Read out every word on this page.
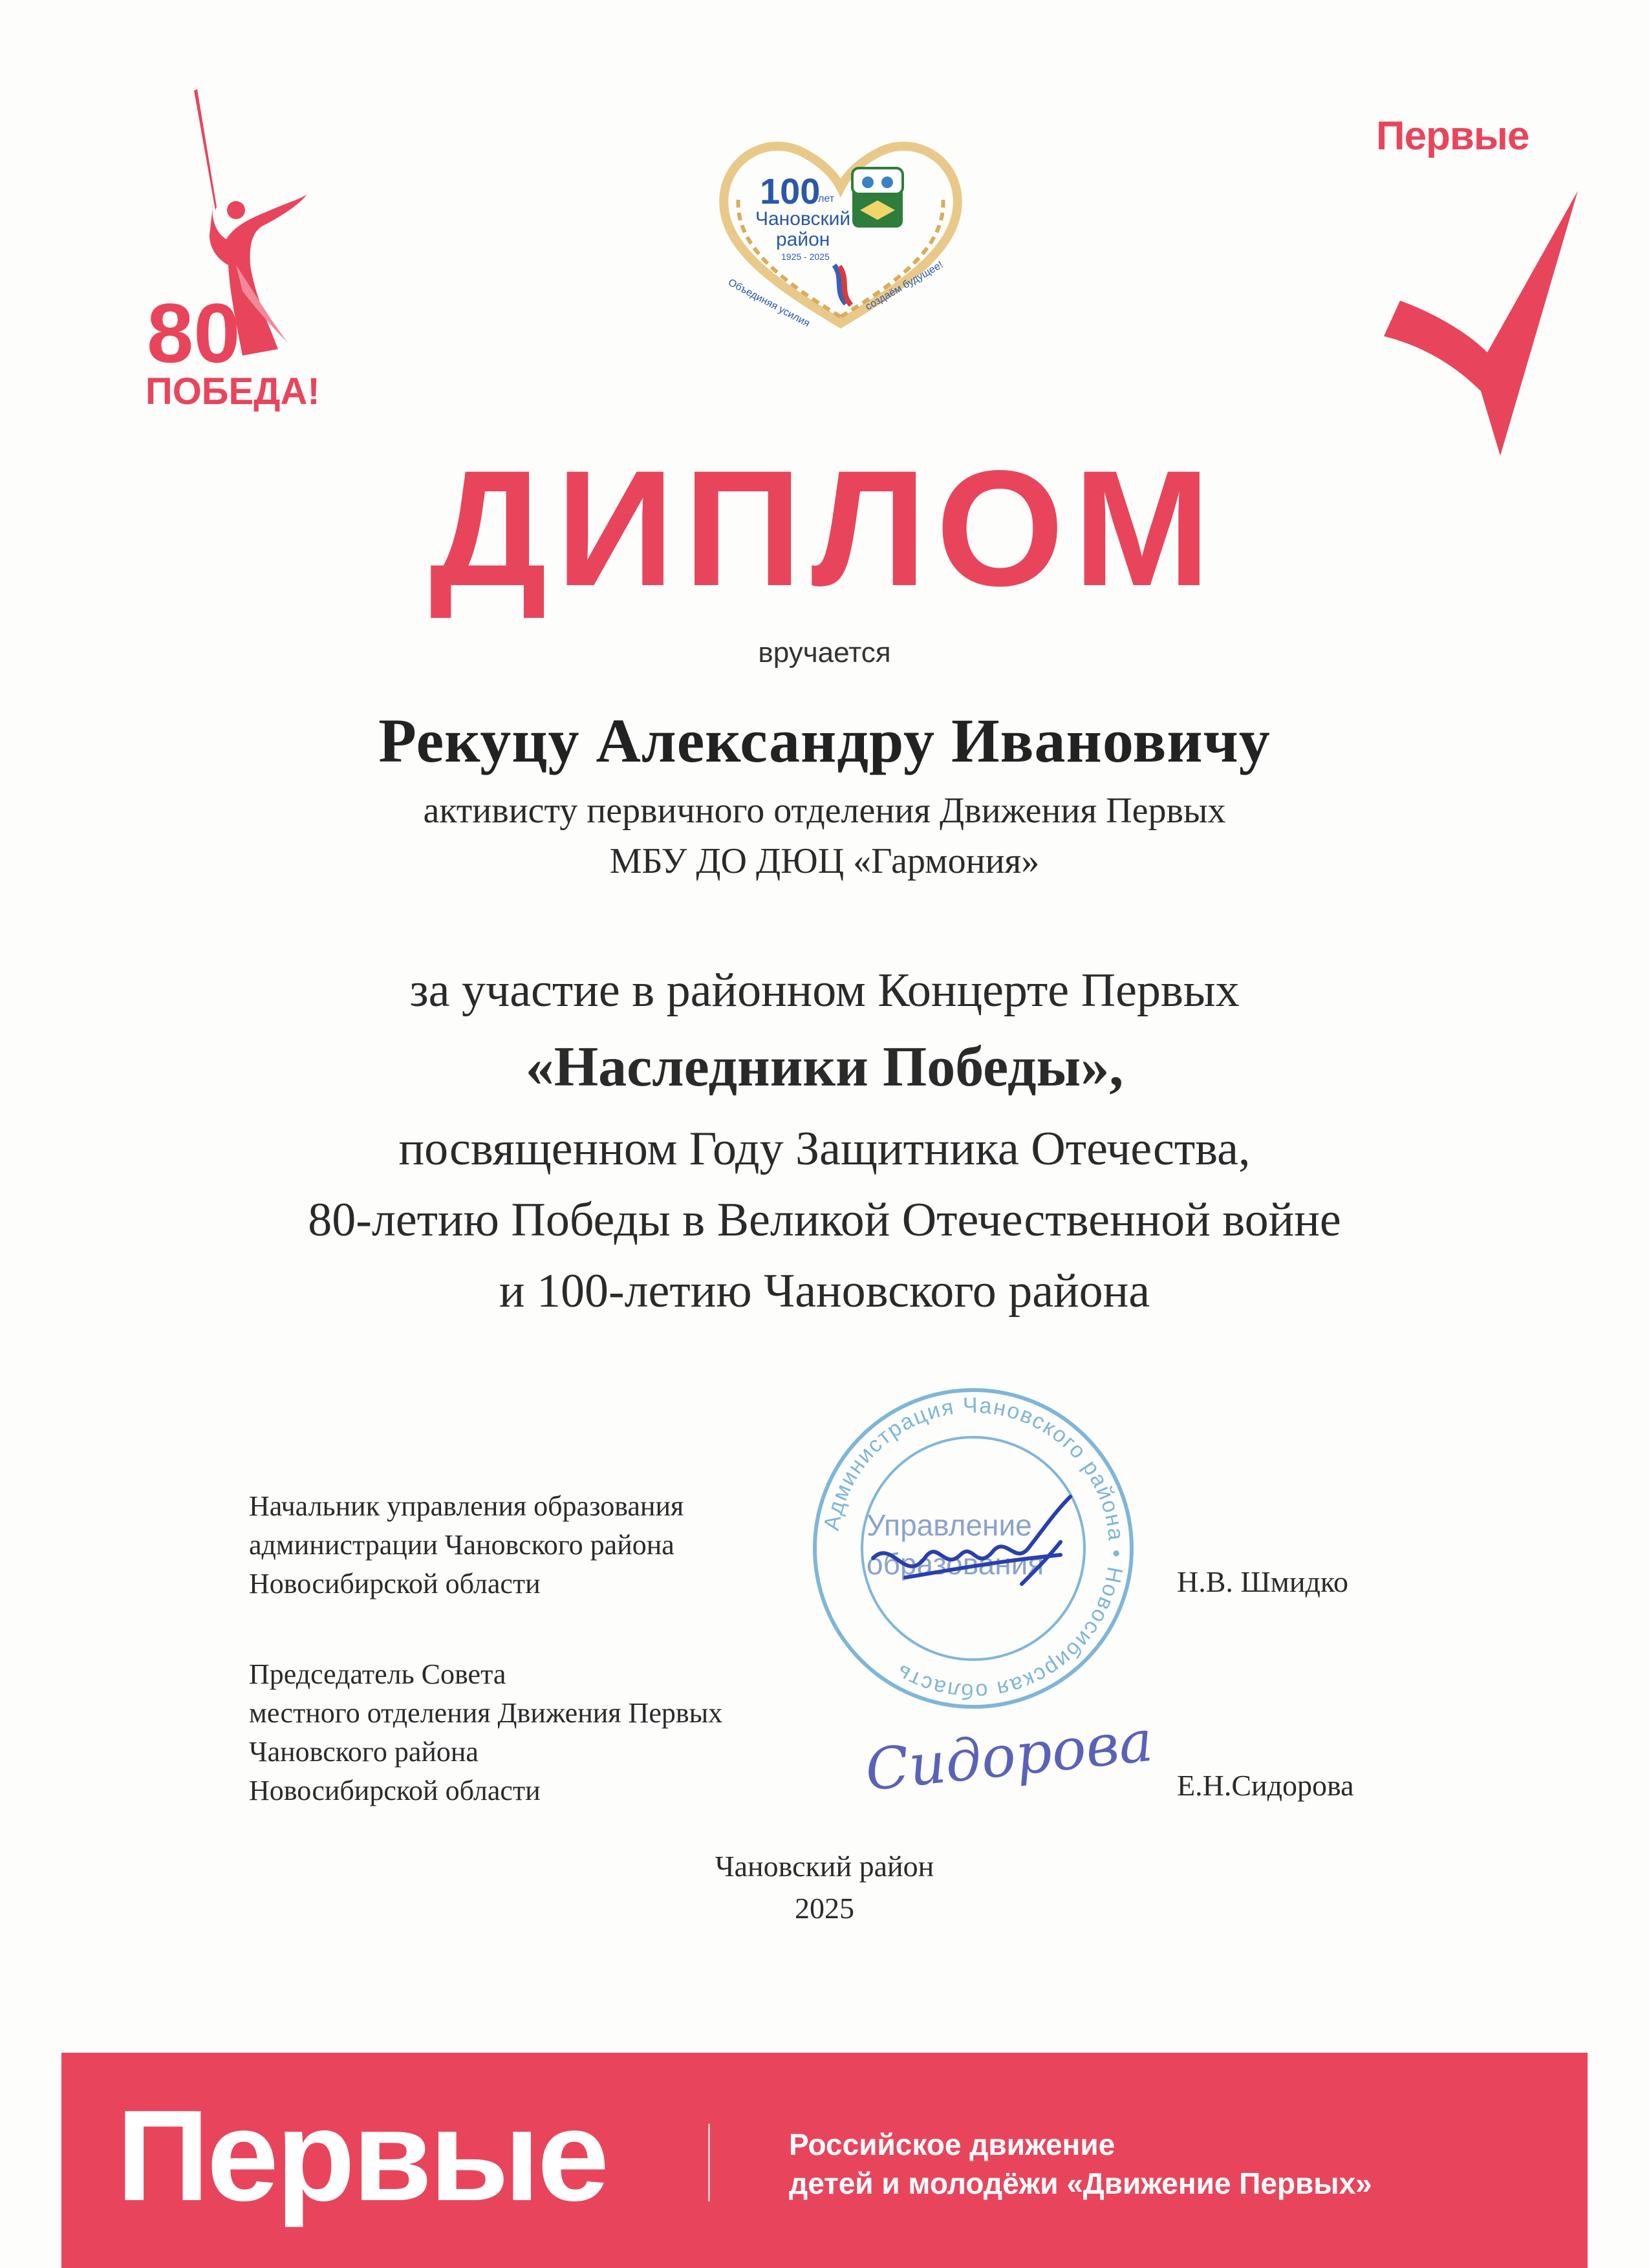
80
ПОБЕДА!
100
лет
Чановский
район
1925 - 2025
Объединяя усилия	создаём будущее!
Первые
ДИПЛОМ
вручается
Рекуцу Александру Ивановичу
активисту первичного отделения Движения Первых
МБУ ДО ДЮЦ «Гармония»
за участие в районном Концерте Первых
«Наследники Победы»,
посвященном Году Защитника Отечества,
80-летию Победы в Великой Отечественной войне
и 100-летию Чановского района
Администрация Чановского района • Новосибирская область
Управление
образования
Сидорова
Начальник управления образования
администрации Чановского района
Новосибирской области	Н.В. Шмидко
Председатель Совета
местного отделения Движения Первых
Чановского района
Новосибирской области	Е.Н.Сидорова
Чановский район
2025
Первые	Российское движение
детей и молодёжи «Движение Первых»
